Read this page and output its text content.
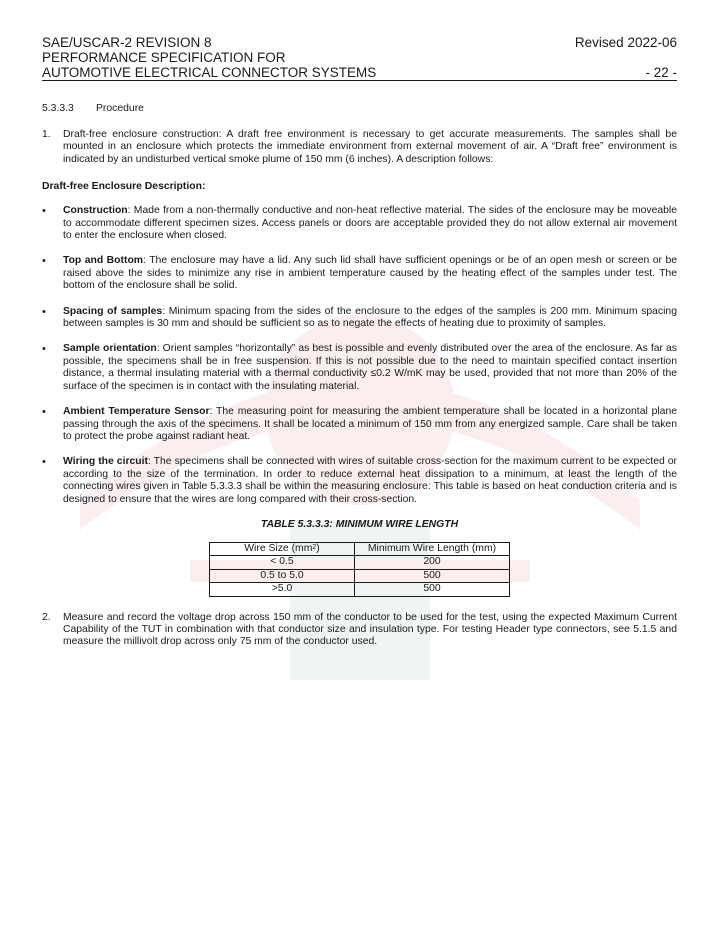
SAE/USCAR-2 REVISION 8	Revised 2022-06
PERFORMANCE SPECIFICATION FOR
AUTOMOTIVE ELECTRICAL CONNECTOR SYSTEMS	- 22 -
5.3.3.3	Procedure
1.	Draft-free enclosure construction: A draft free environment is necessary to get accurate measurements. The samples shall be mounted in an enclosure which protects the immediate environment from external movement of air. A “Draft free” environment is indicated by an undisturbed vertical smoke plume of 150 mm (6 inches). A description follows:
Draft-free Enclosure Description:
•	Construction: Made from a non-thermally conductive and non-heat reflective material. The sides of the enclosure may be moveable to accommodate different specimen sizes. Access panels or doors are acceptable provided they do not allow external air movement to enter the enclosure when closed.
•	Top and Bottom: The enclosure may have a lid. Any such lid shall have sufficient openings or be of an open mesh or screen or be raised above the sides to minimize any rise in ambient temperature caused by the heating effect of the samples under test. The bottom of the enclosure shall be solid.
•	Spacing of samples: Minimum spacing from the sides of the enclosure to the edges of the samples is 200 mm. Minimum spacing between samples is 30 mm and should be sufficient so as to negate the effects of heating due to proximity of samples.
•	Sample orientation: Orient samples “horizontally” as best is possible and evenly distributed over the area of the enclosure. As far as possible, the specimens shall be in free suspension. If this is not possible due to the need to maintain specified contact insertion distance, a thermal insulating material with a thermal conductivity ≤0.2 W/mK may be used, provided that not more than 20% of the surface of the specimen is in contact with the insulating material.
•	Ambient Temperature Sensor: The measuring point for measuring the ambient temperature shall be located in a horizontal plane passing through the axis of the specimens. It shall be located a minimum of 150 mm from any energized sample. Care shall be taken to protect the probe against radiant heat.
•	Wiring the circuit: The specimens shall be connected with wires of suitable cross-section for the maximum current to be expected or according to the size of the termination. In order to reduce external heat dissipation to a minimum, at least the length of the connecting wires given in Table 5.3.3.3 shall be within the measuring enclosure: This table is based on heat conduction criteria and is designed to ensure that the wires are long compared with their cross-section.
TABLE 5.3.3.3: MINIMUM WIRE LENGTH
Wire Size $(mm^2)$	Minimum Wire Length (mm)
< 0.5	200
0.5 to 5.0	500
>5.0	500
2.	Measure and record the voltage drop across 150 mm of the conductor to be used for the test, using the expected Maximum Current Capability of the TUT in combination with that conductor size and insulation type. For testing Header type connectors, see 5.1.5 and measure the millivolt drop across only 75 mm of the conductor used.
